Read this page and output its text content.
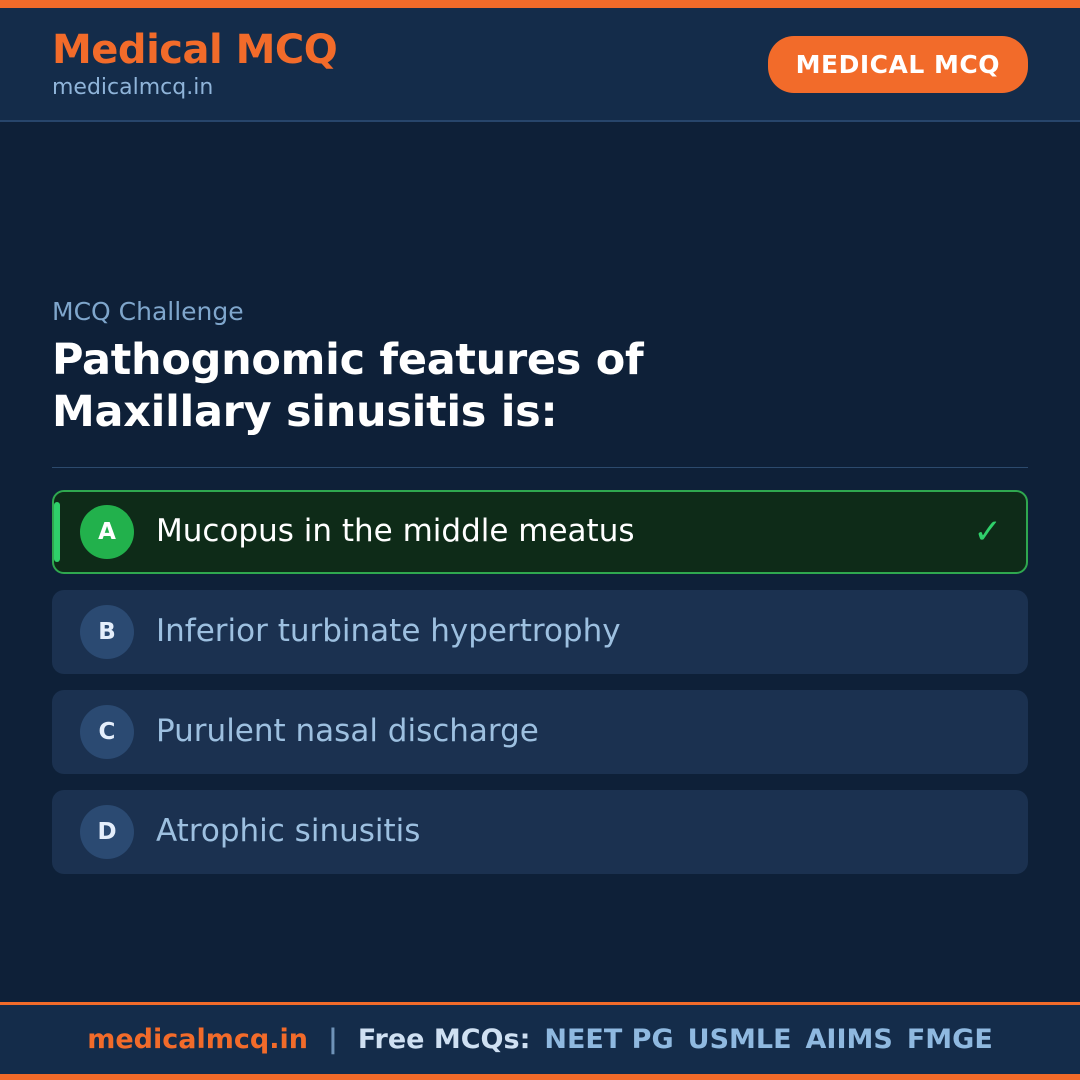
Medical MCQ
medicalmcq.in
MEDICAL MCQ
MCQ Challenge
Pathognomic features of Maxillary sinusitis is:
A	Mucopus in the middle meatus	✓
B	Inferior turbinate hypertrophy
C	Purulent nasal discharge
D	Atrophic sinusitis
medicalmcq.in | Free MCQs: NEET PG USMLE AIIMS FMGE
